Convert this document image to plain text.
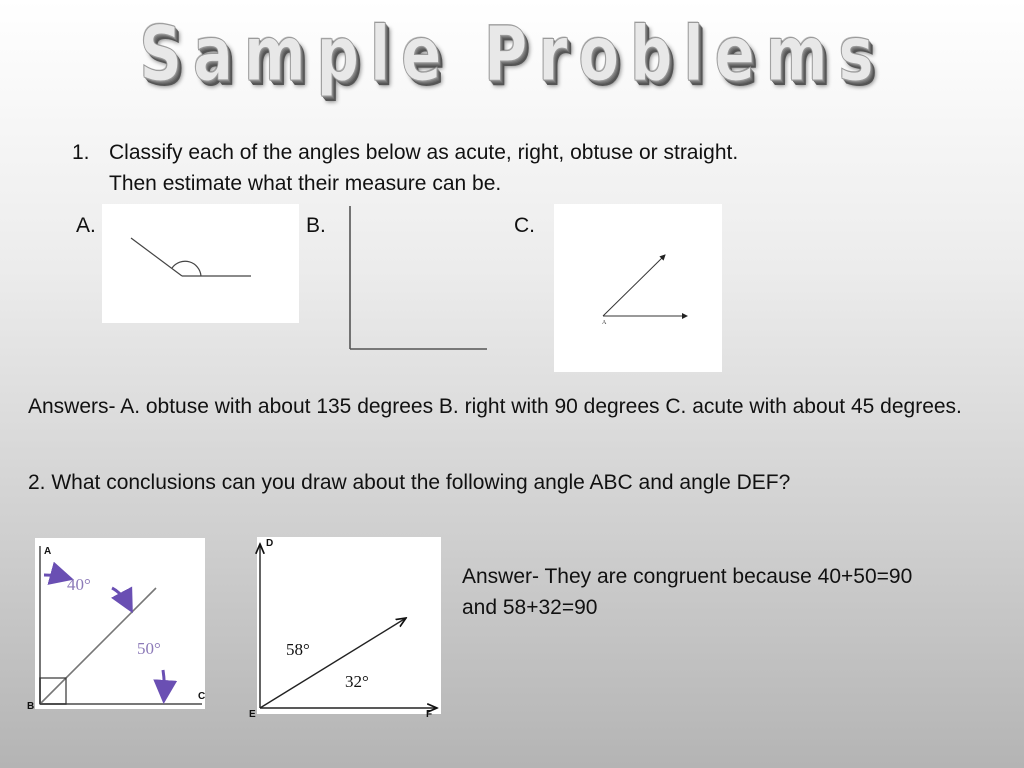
Sample Problems
1. Classify each of the angles below as acute, right, obtuse or straight.
Then estimate what their measure can be.
A.	B.	C.
A
Answers- A. obtuse with about 135 degrees B. right with 90 degrees C. acute with about 45 degrees.
2. What conclusions can you draw about the following angle ABC and angle DEF?
A
B
C
40°
50°
D
E	F
58°
32°
Answer- They are congruent because 40+50=90 and 58+32=90
